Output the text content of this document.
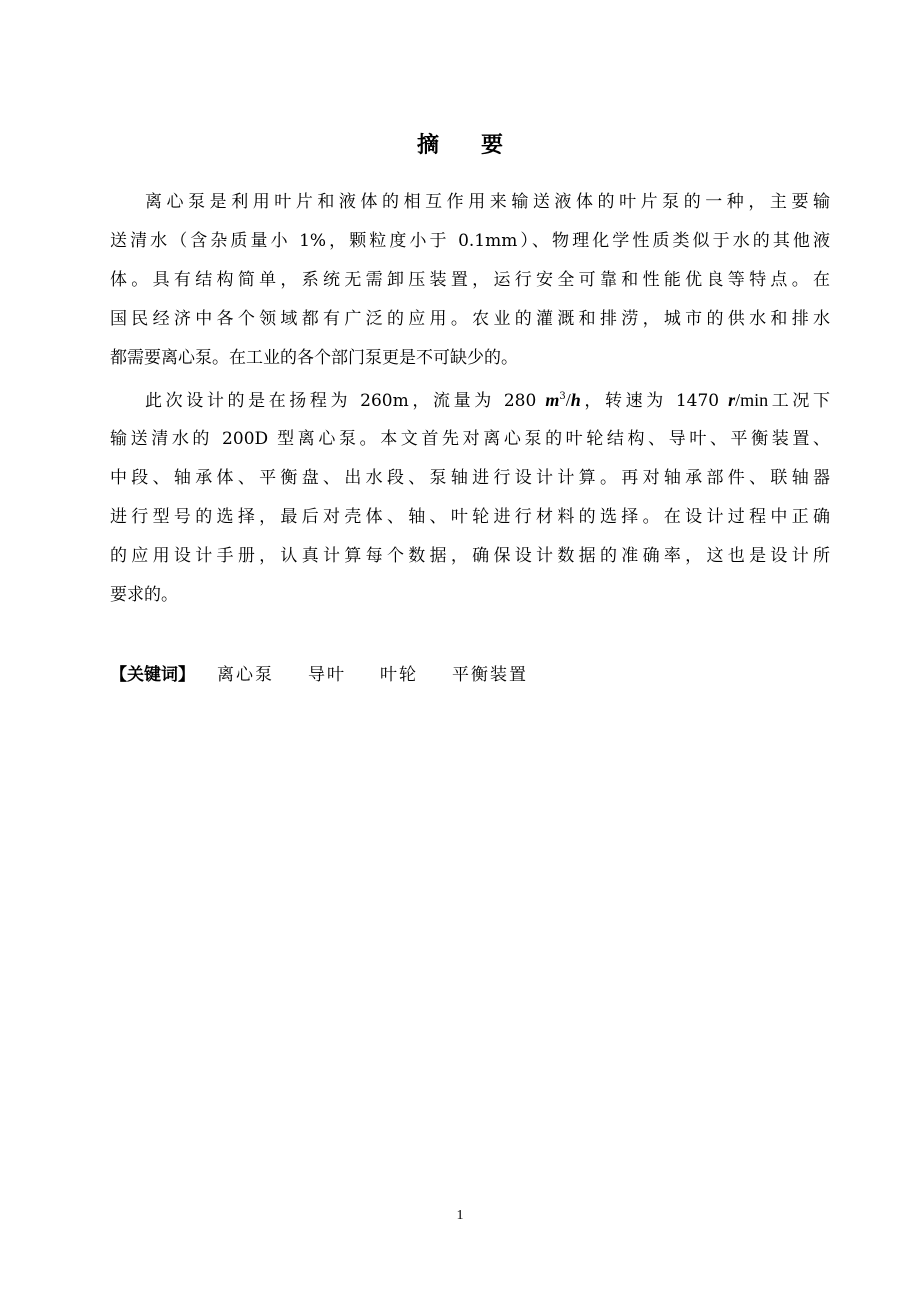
摘 要
离心泵是利用叶片和液体的相互作用来输送液体的叶片泵的一种，主要输
送清水（含杂质量小 1%，颗粒度小于 0.1mm）、物理化学性质类似于水的其他液
体。具有结构简单，系统无需卸压装置，运行安全可靠和性能优良等特点。在
国民经济中各个领域都有广泛的应用。农业的灌溉和排涝，城市的供水和排水
都需要离心泵。在工业的各个部门泵更是不可缺少的。
此次设计的是在扬程为 260m，流量为 280 $m^3/h$，转速为 1470 r/min工况下
输送清水的 200D 型离心泵。本文首先对离心泵的叶轮结构、导叶、平衡装置、
中段、轴承体、平衡盘、出水段、泵轴进行设计计算。再对轴承部件、联轴器
进行型号的选择，最后对壳体、轴、叶轮进行材料的选择。在设计过程中正确
的应用设计手册，认真计算每个数据，确保设计数据的准确率，这也是设计所
要求的。
【关键词】 离心泵 导叶 叶轮 平衡装置
1
